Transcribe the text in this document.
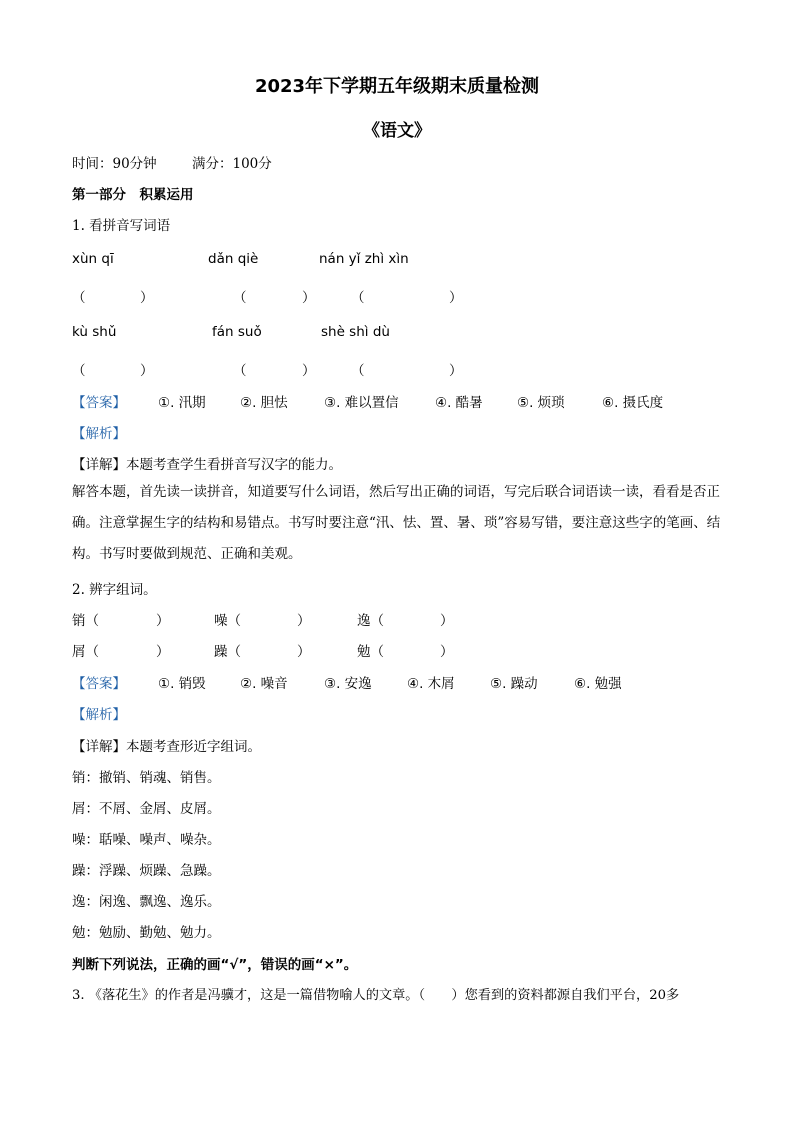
2023年下学期五年级期末质量检测
《语文》
时间：90分钟	满分：100分
第一部分　积累运用
1. 看拼音写词语
xùn qī	dǎn qiè	nán yǐ zhì xìn
（	）	（	）	（	）
kù shǔ	fán suǒ	shè shì dù
（	）	（	）	（	）
【答案】 ①. 汛期	②. 胆怯	③. 难以置信	④. 酷暑	⑤. 烦琐	⑥. 摄氏度
【解析】
【详解】本题考查学生看拼音写汉字的能力。
解答本题，首先读一读拼音，知道要写什么词语，然后写出正确的词语，写完后联合词语读一读，看看是否正确。注意掌握生字的结构和易错点。书写时要注意“汛、怯、置、暑、琐”容易写错，要注意这些字的笔画、结构。书写时要做到规范、正确和美观。
2. 辨字组词。
销（	）	噪（	）	逸（	）
屑（	）	躁（	）	勉（	）
【答案】 ①. 销毁	②. 噪音	③. 安逸	④. 木屑	⑤. 躁动	⑥. 勉强
【解析】
【详解】本题考查形近字组词。
销：撤销、销魂、销售。
屑：不屑、金屑、皮屑。
噪：聒噪、噪声、噪杂。
躁：浮躁、烦躁、急躁。
逸：闲逸、飘逸、逸乐。
勉：勉励、勤勉、勉力。
判断下列说法，正确的画“√”，错误的画“×”。
3. 《落花生》的作者是冯骥才，这是一篇借物喻人的文章。（　　）您看到的资料都源自我们平台，20多
